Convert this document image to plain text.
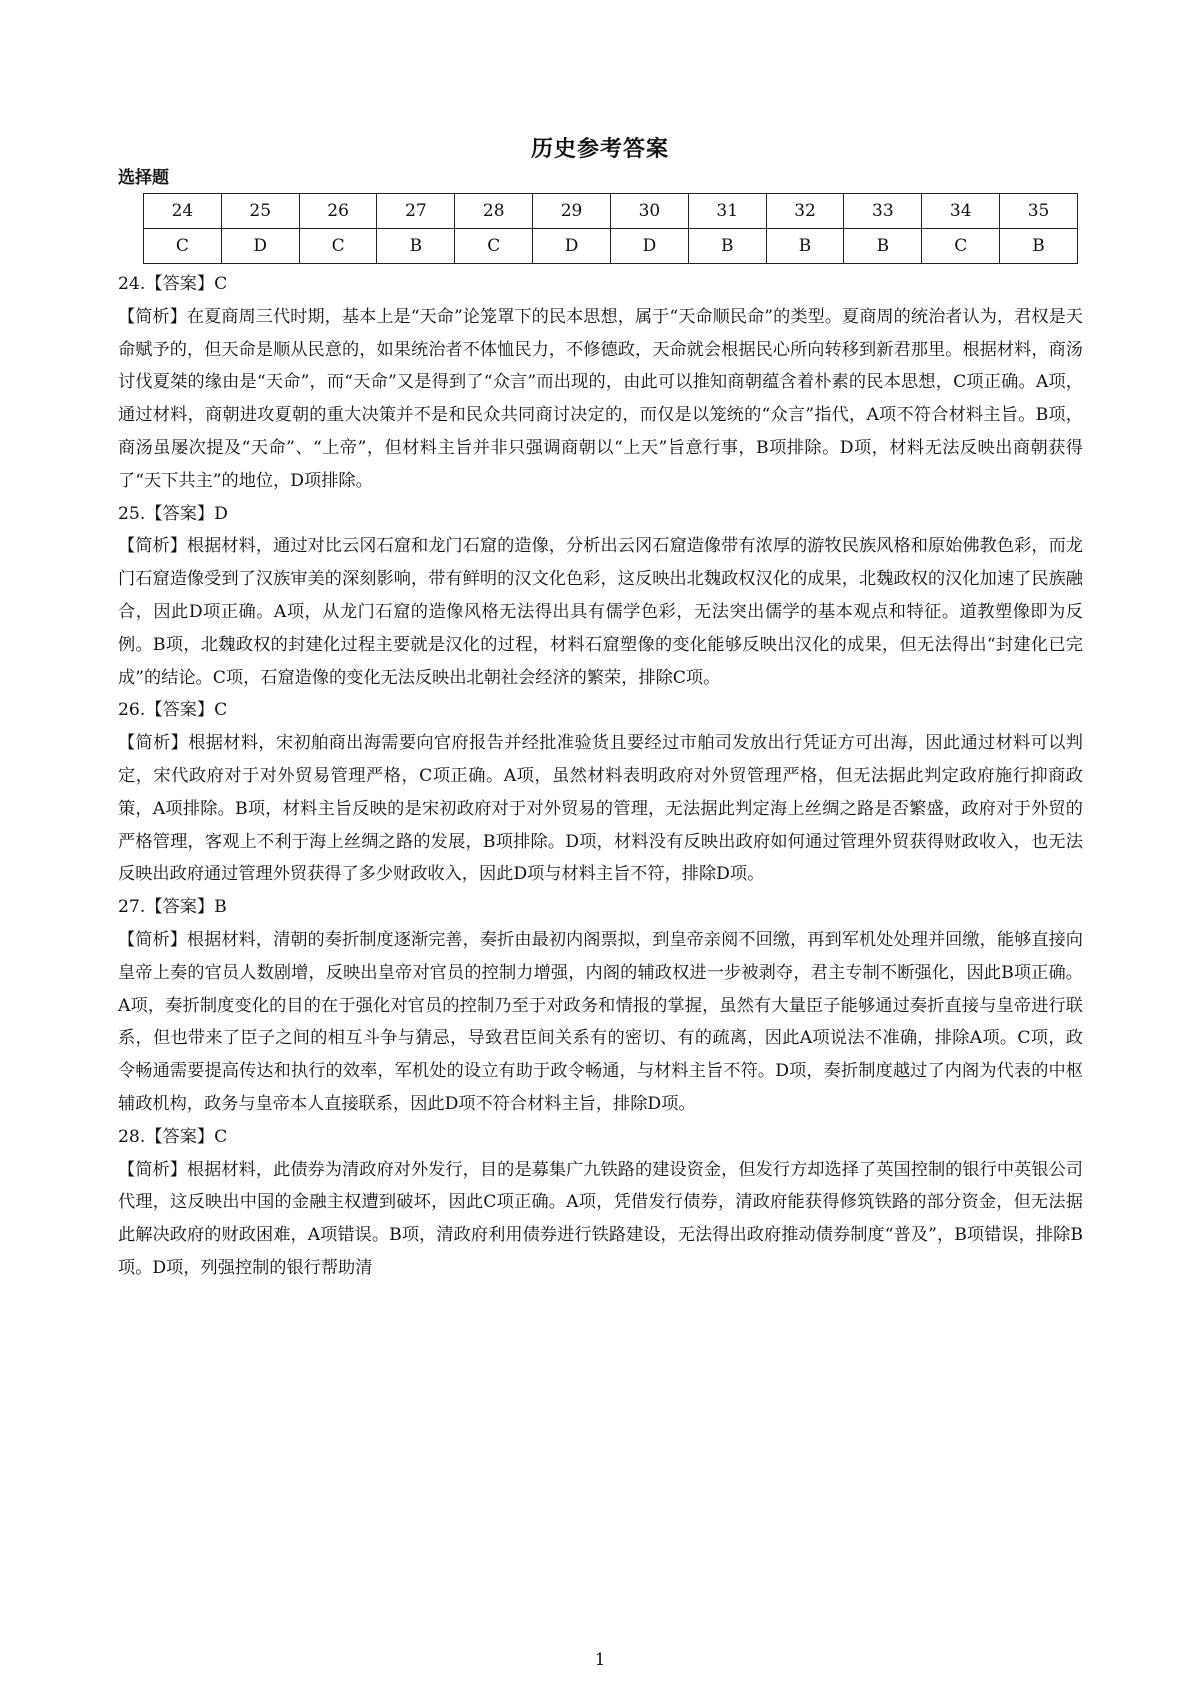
历史参考答案
选择题
24	25	26	27	28	29	30	31	32	33	34	35
C	D	C	B	C	D	D	B	B	B	C	B

24.【答案】C

【简析】在夏商周三代时期，基本上是“天命”论笼罩下的民本思想，属于“天命顺民命”的类型。夏商周的统治者认为，君权是天命赋予的，但天命是顺从民意的，如果统治者不体恤民力，不修德政，天命就会根据民心所向转移到新君那里。根据材料，商汤讨伐夏桀的缘由是“天命”，而“天命”又是得到了“众言”而出现的，由此可以推知商朝蕴含着朴素的民本思想，C项正确。A项，通过材料，商朝进攻夏朝的重大决策并不是和民众共同商讨决定的，而仅是以笼统的“众言”指代，A项不符合材料主旨。B项，商汤虽屡次提及“天命”、“上帝”，但材料主旨并非只强调商朝以“上天”旨意行事，B项排除。D项，材料无法反映出商朝获得了“天下共主”的地位，D项排除。

25.【答案】D

【简析】根据材料，通过对比云冈石窟和龙门石窟的造像，分析出云冈石窟造像带有浓厚的游牧民族风格和原始佛教色彩，而龙门石窟造像受到了汉族审美的深刻影响，带有鲜明的汉文化色彩，这反映出北魏政权汉化的成果，北魏政权的汉化加速了民族融合，因此D项正确。A项，从龙门石窟的造像风格无法得出具有儒学色彩，无法突出儒学的基本观点和特征。道教塑像即为反例。B项，北魏政权的封建化过程主要就是汉化的过程，材料石窟塑像的变化能够反映出汉化的成果，但无法得出“封建化已完成”的结论。C项，石窟造像的变化无法反映出北朝社会经济的繁荣，排除C项。

26.【答案】C

【简析】根据材料，宋初舶商出海需要向官府报告并经批准验货且要经过市舶司发放出行凭证方可出海，因此通过材料可以判定，宋代政府对于对外贸易管理严格，C项正确。A项，虽然材料表明政府对外贸管理严格，但无法据此判定政府施行抑商政策，A项排除。B项，材料主旨反映的是宋初政府对于对外贸易的管理，无法据此判定海上丝绸之路是否繁盛，政府对于外贸的严格管理，客观上不利于海上丝绸之路的发展，B项排除。D项，材料没有反映出政府如何通过管理外贸获得财政收入，也无法反映出政府通过管理外贸获得了多少财政收入，因此D项与材料主旨不符，排除D项。

27.【答案】B

【简析】根据材料，清朝的奏折制度逐渐完善，奏折由最初内阁票拟，到皇帝亲阅不回缴，再到军机处处理并回缴，能够直接向皇帝上奏的官员人数剧增，反映出皇帝对官员的控制力增强，内阁的辅政权进一步被剥夺，君主专制不断强化，因此B项正确。A项，奏折制度变化的目的在于强化对官员的控制乃至于对政务和情报的掌握，虽然有大量臣子能够通过奏折直接与皇帝进行联系，但也带来了臣子之间的相互斗争与猜忌，导致君臣间关系有的密切、有的疏离，因此A项说法不准确，排除A项。C项，政令畅通需要提高传达和执行的效率，军机处的设立有助于政令畅通，与材料主旨不符。D项，奏折制度越过了内阁为代表的中枢辅政机构，政务与皇帝本人直接联系，因此D项不符合材料主旨，排除D项。

28.【答案】C

【简析】根据材料，此债券为清政府对外发行，目的是募集广九铁路的建设资金，但发行方却选择了英国控制的银行中英银公司代理，这反映出中国的金融主权遭到破坏，因此C项正确。A项，凭借发行债券，清政府能获得修筑铁路的部分资金，但无法据此解决政府的财政困难，A项错误。B项，清政府利用债券进行铁路建设，无法得出政府推动债券制度“普及”，B项错误，排除B项。D项，列强控制的银行帮助清

1
